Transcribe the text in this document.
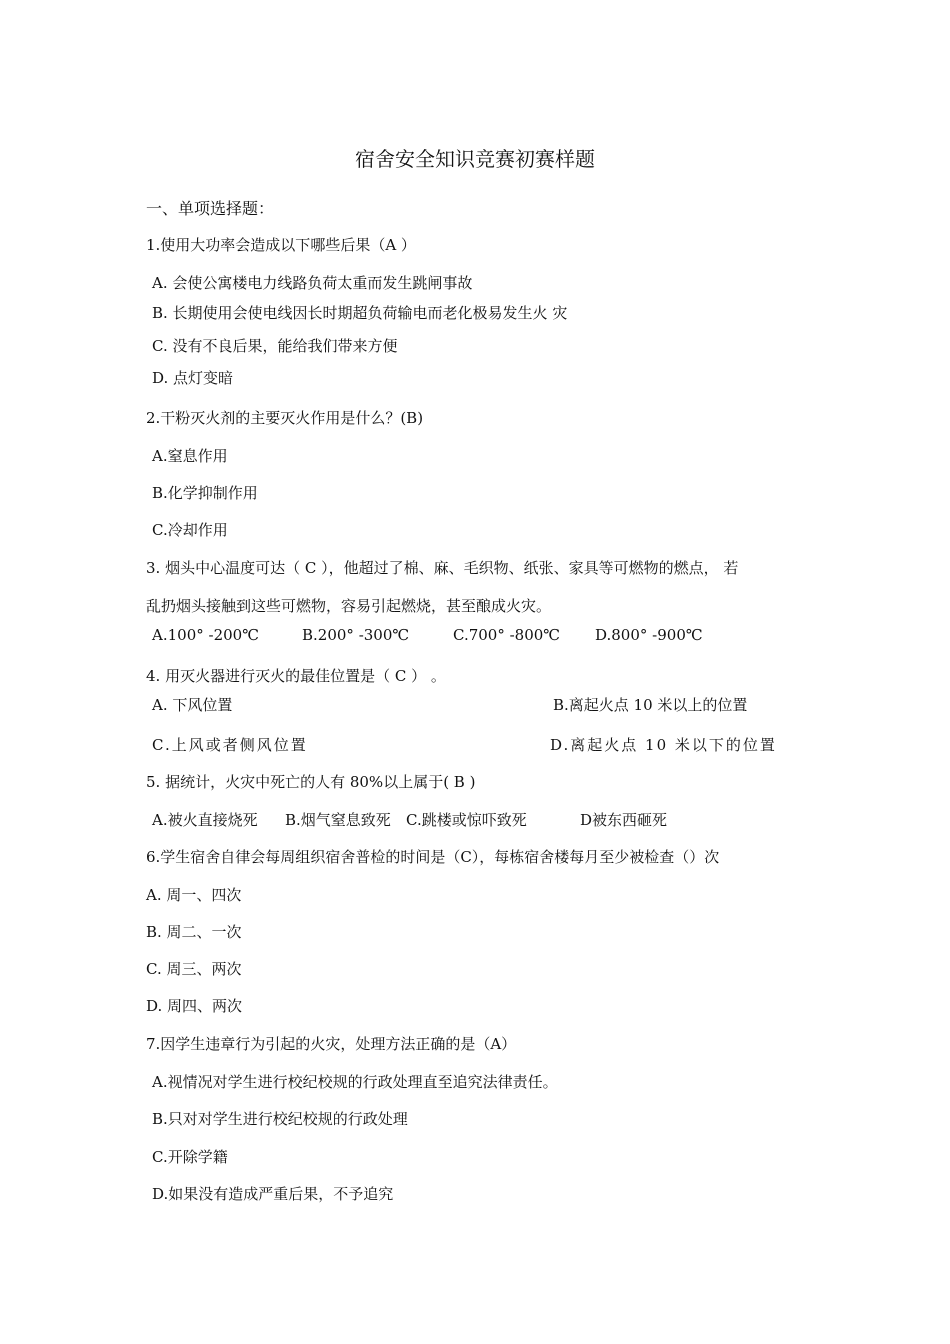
宿舍安全知识竞赛初赛样题
一、单项选择题：
1.使用大功率会造成以下哪些后果（A ）
A. 会使公寓楼电力线路负荷太重而发生跳闸事故
B. 长期使用会使电线因长时期超负荷输电而老化极易发生火 灾
C. 没有不良后果，能给我们带来方便
D. 点灯变暗
2.干粉灭火剂的主要灭火作用是什么？(B)
A.窒息作用
B.化学抑制作用
C.冷却作用
3. 烟头中心温度可达（ C ），他超过了棉、麻、毛织物、纸张、家具等可燃物的燃点， 若
乱扔烟头接触到这些可燃物，容易引起燃烧，甚至酿成火灾。
A.100° -200℃	B.200° -300℃	C.700° -800℃ D.800° -900℃
4. 用灭火器进行灭火的最佳位置是（ C ） 。
A. 下风位置	B.离起火点 10 米以上的位置
C.上风或者侧风位置	D.离起火点 10 米以下的位置
5. 据统计，火灾中死亡的人有 80%以上属于( B )
A.被火直接烧死 B.烟气窒息致死 C.跳楼或惊吓致死	D被东西砸死
6.学生宿舍自律会每周组织宿舍普检的时间是（C），每栋宿舍楼每月至少被检查（）次
A. 周一、四次
B. 周二、一次
C. 周三、两次
D. 周四、两次
7.因学生违章行为引起的火灾，处理方法正确的是（A）
A.视情况对学生进行校纪校规的行政处理直至追究法律责任。
B.只对对学生进行校纪校规的行政处理
C.开除学籍
D.如果没有造成严重后果，不予追究
